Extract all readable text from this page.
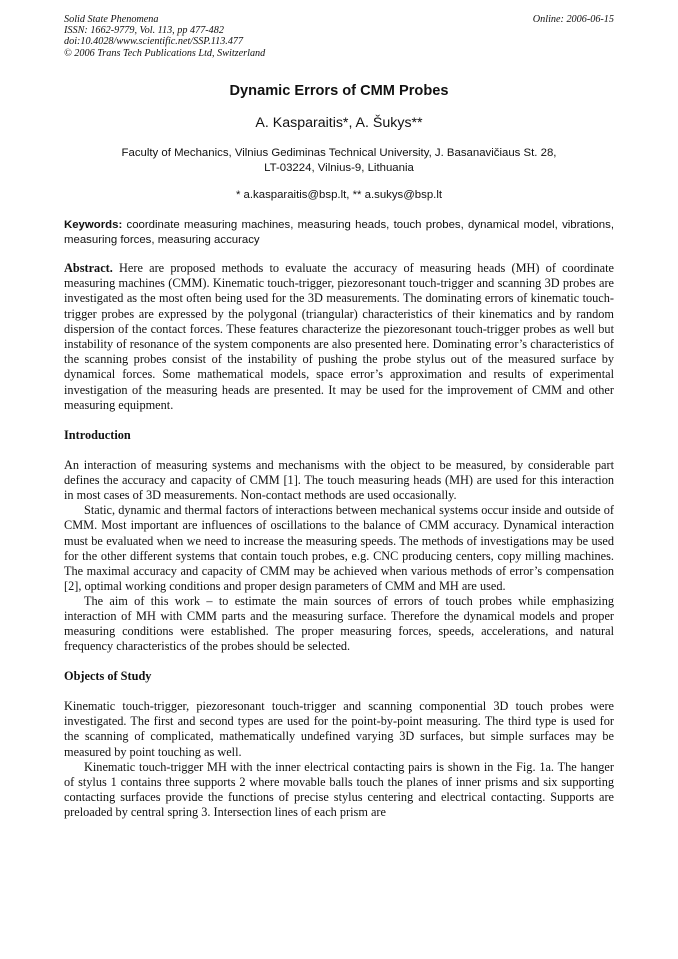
Solid State Phenomena
ISSN: 1662-9779, Vol. 113, pp 477-482
doi:10.4028/www.scientific.net/SSP.113.477
© 2006 Trans Tech Publications Ltd, Switzerland
Online: 2006-06-15
Dynamic Errors of CMM Probes
A. Kasparaitis*, A. Šukys**
Faculty of Mechanics, Vilnius Gediminas Technical University, J. Basanavičiaus St. 28,
LT-03224, Vilnius-9, Lithuania
* a.kasparaitis@bsp.lt, ** a.sukys@bsp.lt

Keywords: coordinate measuring machines, measuring heads, touch probes, dynamical model, vibrations, measuring forces, measuring accuracy

Abstract. Here are proposed methods to evaluate the accuracy of measuring heads (MH) of coordinate measuring machines (CMM). Kinematic touch-trigger, piezoresonant touch-trigger and scanning 3D probes are investigated as the most often being used for the 3D measurements. The dominating errors of kinematic touch-trigger probes are expressed by the polygonal (triangular) characteristics of their kinematics and by random dispersion of the contact forces. These features characterize the piezoresonant touch-trigger probes as well but instability of resonance of the system components are also presented here. Dominating error’s characteristics of the scanning probes consist of the instability of pushing the probe stylus out of the measured surface by dynamical forces. Some mathematical models, space error’s approximation and results of experimental investigation of the measuring heads are presented. It may be used for the improvement of CMM and other measuring equipment.

Introduction

An interaction of measuring systems and mechanisms with the object to be measured, by considerable part defines the accuracy and capacity of CMM [1]. The touch measuring heads (MH) are used for this interaction in most cases of 3D measurements. Non-contact methods are used occasionally.

Static, dynamic and thermal factors of interactions between mechanical systems occur inside and outside of CMM. Most important are influences of oscillations to the balance of CMM accuracy. Dynamical interaction must be evaluated when we need to increase the measuring speeds. The methods of investigations may be used for the other different systems that contain touch probes, e.g. CNC producing centers, copy milling machines. The maximal accuracy and capacity of CMM may be achieved when various methods of error’s compensation [2], optimal working conditions and proper design parameters of CMM and MH are used.

The aim of this work – to estimate the main sources of errors of touch probes while emphasizing interaction of MH with CMM parts and the measuring surface. Therefore the dynamical models and proper measuring conditions were established. The proper measuring forces, speeds, accelerations, and natural frequency characteristics of the probes should be selected.

Objects of Study

Kinematic touch-trigger, piezoresonant touch-trigger and scanning componential 3D touch probes were investigated. The first and second types are used for the point-by-point measuring. The third type is used for the scanning of complicated, mathematically undefined varying 3D surfaces, but simple surfaces may be measured by point touching as well.

Kinematic touch-trigger MH with the inner electrical contacting pairs is shown in the Fig. 1a. The hanger of stylus 1 contains three supports 2 where movable balls touch the planes of inner prisms and six supporting contacting surfaces provide the functions of precise stylus centering and electrical contacting. Supports are preloaded by central spring 3. Intersection lines of each prism are
